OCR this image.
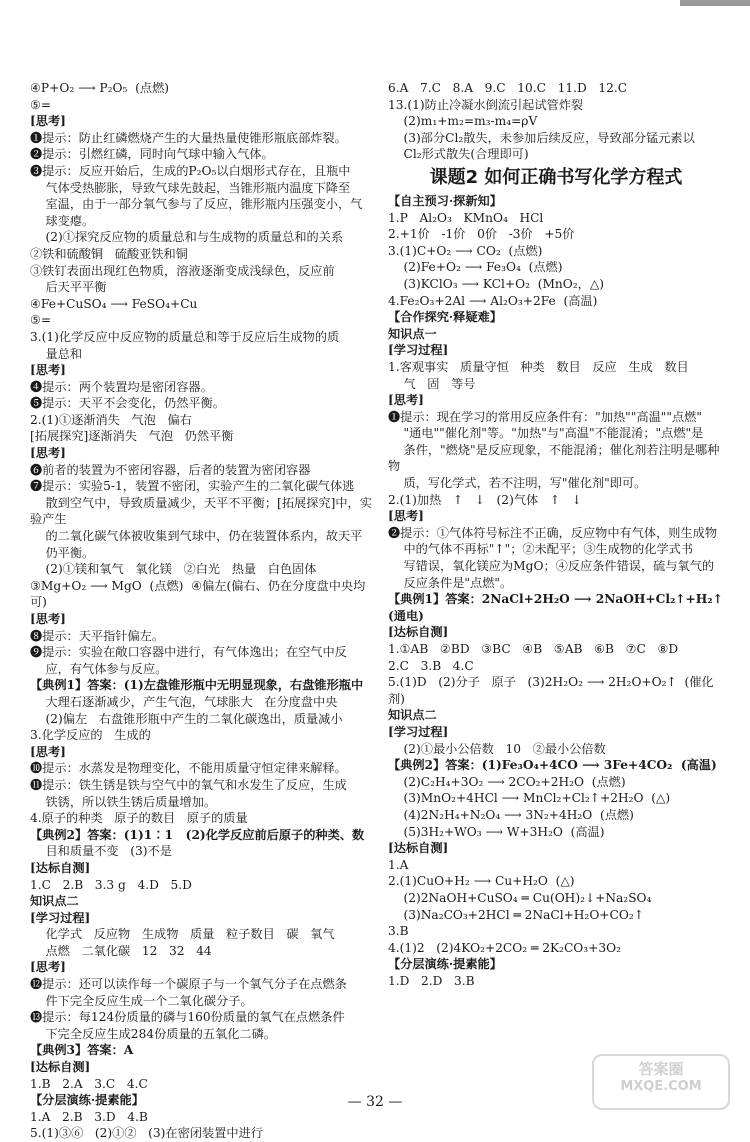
④P+O₂ ⟶ P₂O₅  (点燃)

⑤=

[思考]

❶提示：防止红磷燃烧产生的大量热量使锥形瓶底部炸裂。

❷提示：引燃红磷，同时向气球中输入气体。

❸提示：反应开始后，生成的P₂O₅以白烟形式存在，且瓶中

气体受热膨胀，导致气球先鼓起，当锥形瓶内温度下降至

室温，由于一部分氧气参与了反应，锥形瓶内压强变小，气

球变瘪。

(2)①探究反应物的质量总和与生成物的质量总和的关系

②铁和硫酸铜   硫酸亚铁和铜

③铁钉表面出现红色物质，溶液逐渐变成浅绿色，反应前

后天平平衡

④Fe+CuSO₄ ⟶ FeSO₄+Cu

⑤=

3.(1)化学反应中反应物的质量总和等于反应后生成物的质

量总和

[思考]

❹提示：两个装置均是密闭容器。

❺提示：天平不会变化，仍然平衡。

2.(1)①逐渐消失   气泡   偏右

[拓展探究]逐渐消失   气泡   仍然平衡

[思考]

❻前者的装置为不密闭容器，后者的装置为密闭容器

❼提示：实验5-1，装置不密闭，实验产生的二氧化碳气体逃

散到空气中，导致质量减少，天平不平衡；[拓展探究]中，实验产生

的二氧化碳气体被收集到气球中，仍在装置体系内，故天平

仍平衡。

(2)①镁和氧气   氧化镁   ②白光   热量   白色固体

③Mg+O₂ ⟶ MgO  (点燃)  ④偏左(偏右、仍在分度盘中央均可)

[思考]

❽提示：天平指针偏左。

❾提示：实验在敞口容器中进行，有气体逸出；在空气中反

应，有气体参与反应。

【典例1】答案：(1)左盘锥形瓶中无明显现象，右盘锥形瓶中

大理石逐渐减少，产生气泡，气球胀大   在分度盘中央

(2)偏左   右盘锥形瓶中产生的二氧化碳逸出，质量减小

3.化学反应的   生成的

[思考]

❿提示：水蒸发是物理变化，不能用质量守恒定律来解释。

⓫提示：铁生锈是铁与空气中的氧气和水发生了反应，生成

铁锈，所以铁生锈后质量增加。

4.原子的种类   原子的数目   原子的质量

【典例2】答案：(1)1∶1   (2)化学反应前后原子的种类、数

目和质量不变   (3)不是

[达标自测]

1.C   2.B   3.3 g   4.D   5.D

知识点二

[学习过程]

化学式   反应物   生成物   质量   粒子数目   碳   氧气

点燃   二氧化碳   12   32   44

[思考]

⓬提示：还可以读作每一个碳原子与一个氧气分子在点燃条

件下完全反应生成一个二氧化碳分子。

⓭提示：每124份质量的磷与160份质量的氧气在点燃条件

下完全反应生成284份质量的五氧化二磷。

【典例3】答案：A

[达标自测]

1.B   2.A   3.C   4.C

【分层演练·提素能】

1.A   2.B   3.D   4.B

5.(1)③⑥   (2)①②   (3)在密闭装置中进行

6.A   7.C   8.A   9.C   10.C   11.D   12.C

13.(1)防止冷凝水倒流引起试管炸裂

(2)m₁+m₂=m₃-m₄=ρV

(3)部分Cl₂散失，未参加后续反应，导致部分锰元素以

Cl₂形式散失(合理即可)

课题2 如何正确书写化学方程式

【自主预习·探新知】

1.P   Al₂O₃   KMnO₄   HCl

2.+1价   -1价   0价   -3价   +5价

3.(1)C+O₂ ⟶ CO₂  (点燃)

(2)Fe+O₂ ⟶ Fe₃O₄  (点燃)

(3)KClO₃ ⟶ KCl+O₂  (MnO₂，△)

4.Fe₂O₃+2Al ⟶ Al₂O₃+2Fe  (高温)

【合作探究·释疑难】

知识点一

[学习过程]

1.客观事实   质量守恒   种类   数目   反应   生成   数目

气   固   等号

[思考]

❶提示：现在学习的常用反应条件有："加热""高温""点燃"

"通电""催化剂"等。"加热"与"高温"不能混淆；"点燃"是

条件，"燃烧"是反应现象，不能混淆；催化剂若注明是哪种物

质，写化学式，若不注明，写"催化剂"即可。

2.(1)加热   ↑   ↓   (2)气体   ↑   ↓

[思考]

❷提示：①气体符号标注不正确，反应物中有气体，则生成物

中的气体不再标"↑"；②未配平；③生成物的化学式书

写错误，氧化镁应为MgO；④反应条件错误，硫与氧气的

反应条件是"点燃"。

【典例1】答案：2NaCl+2H₂O ⟶ 2NaOH+Cl₂↑+H₂↑  (通电)

[达标自测]

1.①AB   ②BD   ③BC   ④B   ⑤AB   ⑥B   ⑦C   ⑧D

2.C   3.B   4.C

5.(1)D   (2)分子   原子   (3)2H₂O₂ ⟶ 2H₂O+O₂↑  (催化剂)

知识点二

[学习过程]

(2)①最小公倍数   10   ②最小公倍数

【典例2】答案：(1)Fe₃O₄+4CO ⟶ 3Fe+4CO₂  (高温)

(2)C₂H₄+3O₂ ⟶ 2CO₂+2H₂O  (点燃)

(3)MnO₂+4HCl ⟶ MnCl₂+Cl₂↑+2H₂O  (△)

(4)2N₂H₄+N₂O₄ ⟶ 3N₂+4H₂O  (点燃)

(5)3H₂+WO₃ ⟶ W+3H₂O  (高温)

[达标自测]

1.A

2.(1)CuO+H₂ ⟶ Cu+H₂O  (△)

(2)2NaOH+CuSO₄ ═ Cu(OH)₂↓+Na₂SO₄

(3)Na₂CO₃+2HCl ═ 2NaCl+H₂O+CO₂↑

3.B

4.(1)2   (2)4KO₂+2CO₂ ═ 2K₂CO₃+3O₂

【分层演练·提素能】

1.D   2.D   3.B

— 32 —
答案圈
MXQE.COM
